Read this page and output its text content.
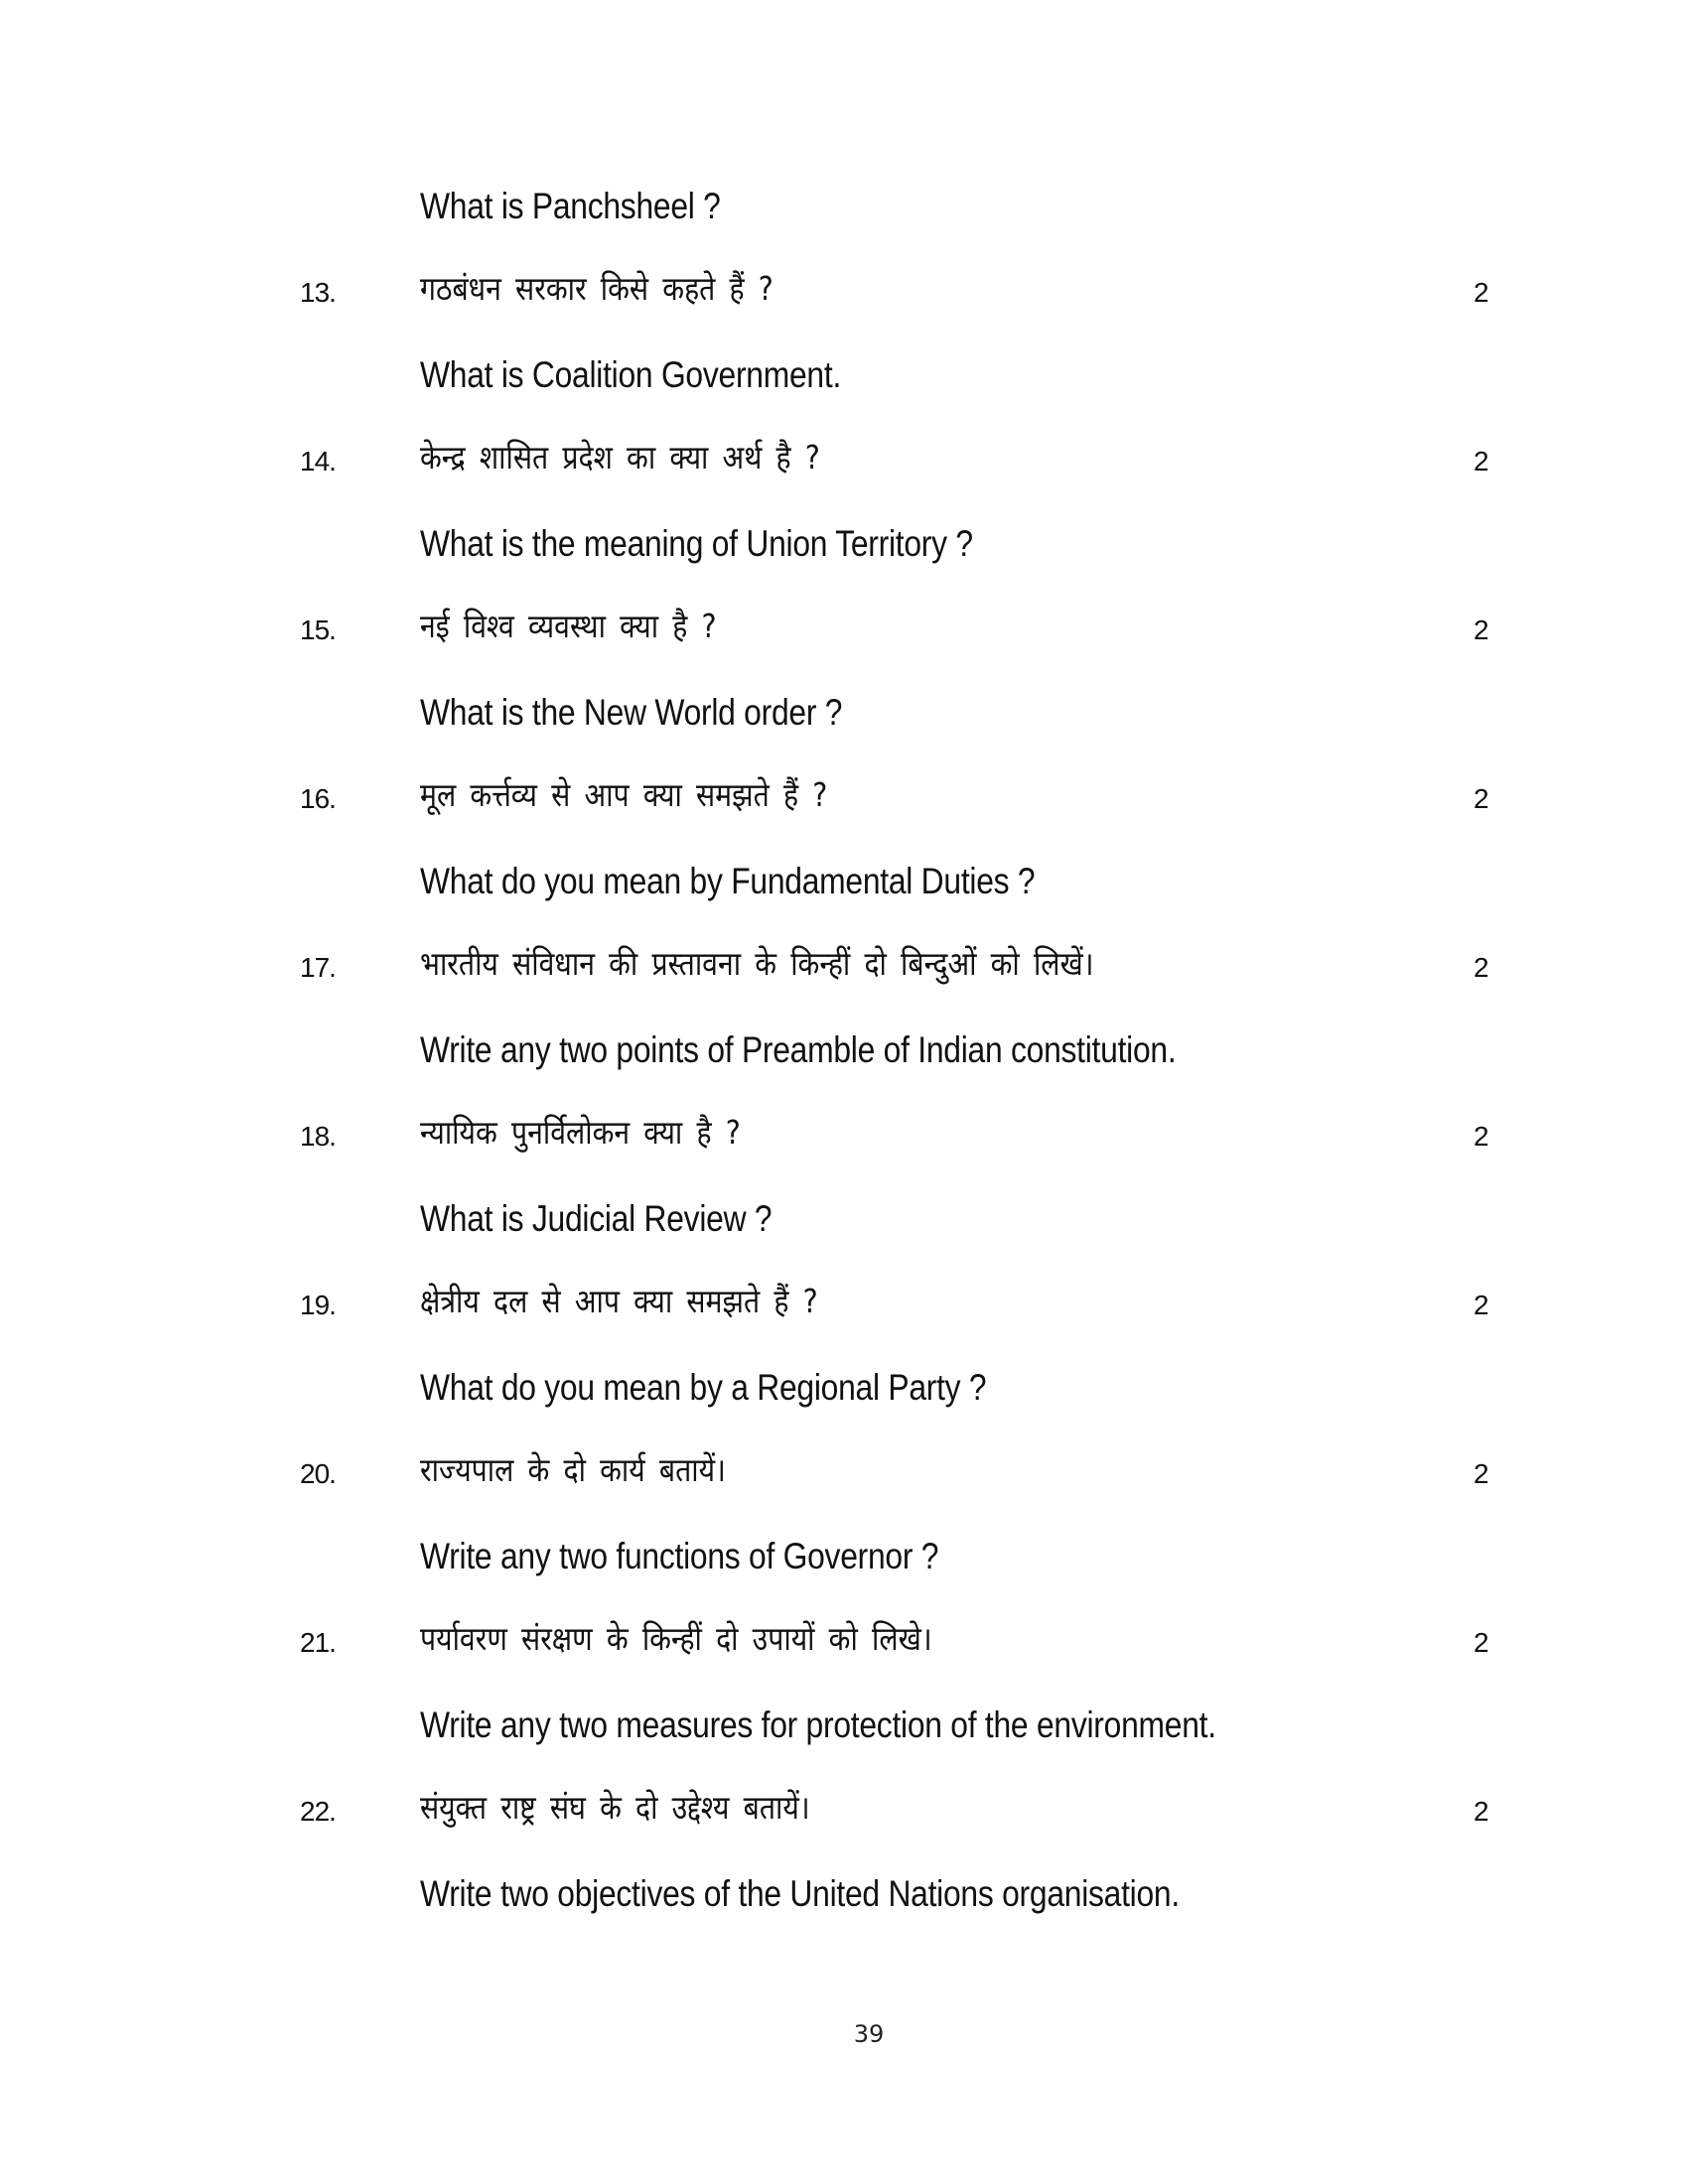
What is Panchsheel ?
13.	गठबंधन सरकार किसे कहते हैं ?	2
What is Coalition Government.
14.	केन्द्र शासित प्रदेश का क्या अर्थ है ?	2
What is the meaning of Union Territory ?
15.	नई विश्व व्यवस्था क्या है ?	2
What is the New World order ?
16.	मूल कर्त्तव्य से आप क्या समझते हैं ?	2
What do you mean by Fundamental Duties ?
17.	भारतीय संविधान की प्रस्तावना के किन्हीं दो बिन्दुओं को लिखें।	2
Write any two points of Preamble of Indian constitution.
18.	न्यायिक पुनर्विलोकन क्या है ?	2
What is Judicial Review ?
19.	क्षेत्रीय दल से आप क्या समझते हैं ?	2
What do you mean by a Regional Party ?
20.	राज्यपाल के दो कार्य बतायें।	2
Write any two functions of Governor ?
21.	पर्यावरण संरक्षण के किन्हीं दो उपायों को लिखे।	2
Write any two measures for protection of the environment.
22.	संयुक्त राष्ट्र संघ के दो उद्देश्य बतायें।	2
Write two objectives of the United Nations organisation.
39
